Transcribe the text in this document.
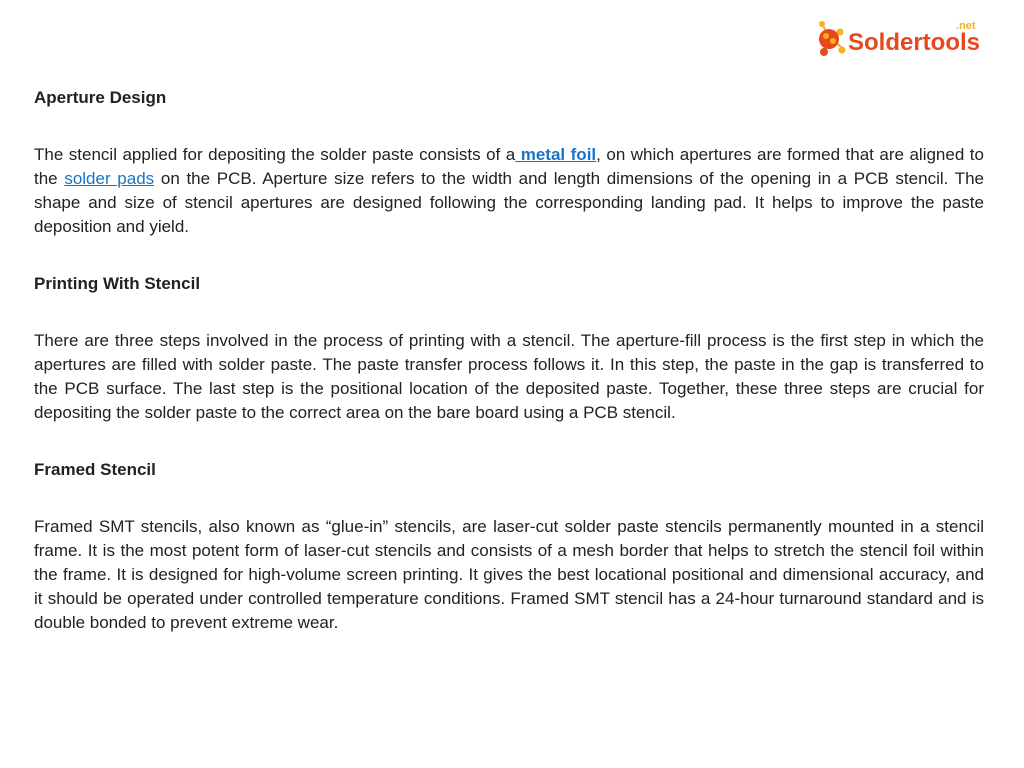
.net
Soldertools
Aperture Design

The stencil applied for depositing the solder paste consists of a metal foil, on which apertures are formed that are aligned to the solder pads on the PCB. Aperture size refers to the width and length dimensions of the opening in a PCB stencil. The shape and size of stencil apertures are designed following the corresponding landing pad. It helps to improve the paste deposition and yield.

Printing With Stencil

There are three steps involved in the process of printing with a stencil. The aperture-fill process is the first step in which the apertures are filled with solder paste. The paste transfer process follows it. In this step, the paste in the gap is transferred to the PCB surface. The last step is the positional location of the deposited paste. Together, these three steps are crucial for depositing the solder paste to the correct area on the bare board using a PCB stencil.

Framed Stencil

Framed SMT stencils, also known as “glue-in” stencils, are laser-cut solder paste stencils permanently mounted in a stencil frame. It is the most potent form of laser-cut stencils and consists of a mesh border that helps to stretch the stencil foil within the frame. It is designed for high-volume screen printing. It gives the best locational positional and dimensional accuracy, and it should be operated under controlled temperature conditions. Framed SMT stencil has a 24-hour turnaround standard and is double bonded to prevent extreme wear.
